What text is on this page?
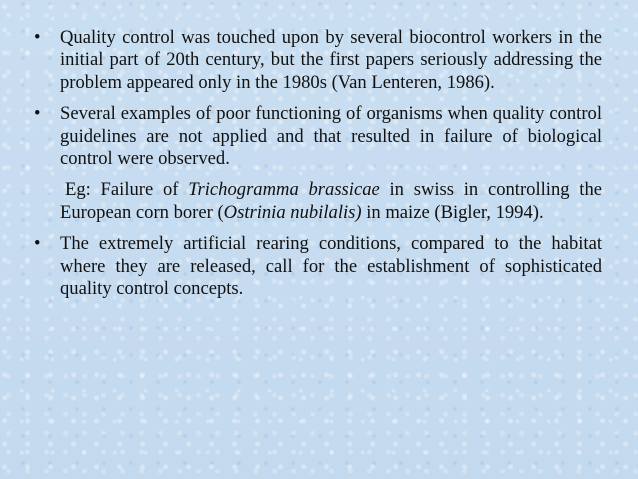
• Quality control was touched upon by several biocontrol workers in the initial part of 20th century, but the first papers seriously addressing the problem appeared only in the 1980s (Van Lenteren, 1986).
• Several examples of poor functioning of organisms when quality control guidelines are not applied and that resulted in failure of biological control were observed.
Eg: Failure of Trichogramma brassicae in swiss in controlling the European corn borer (Ostrinia nubilalis) in maize (Bigler, 1994).
• The extremely artificial rearing conditions, compared to the habitat where they are released, call for the establishment of sophisticated quality control concepts.
